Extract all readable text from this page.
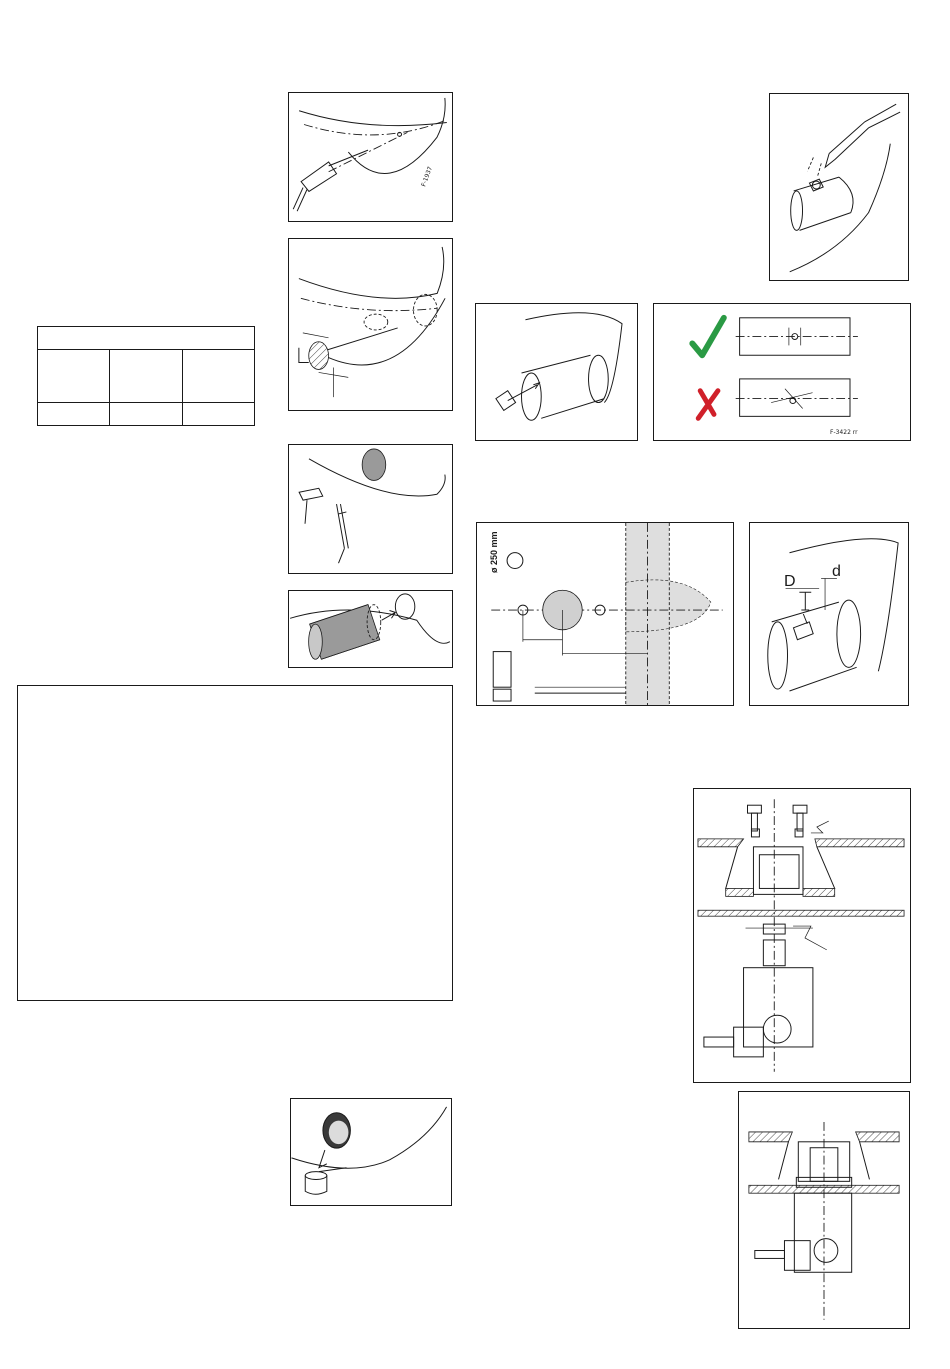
F-1937

F-3422 rr
ø 250 mm
D
d
